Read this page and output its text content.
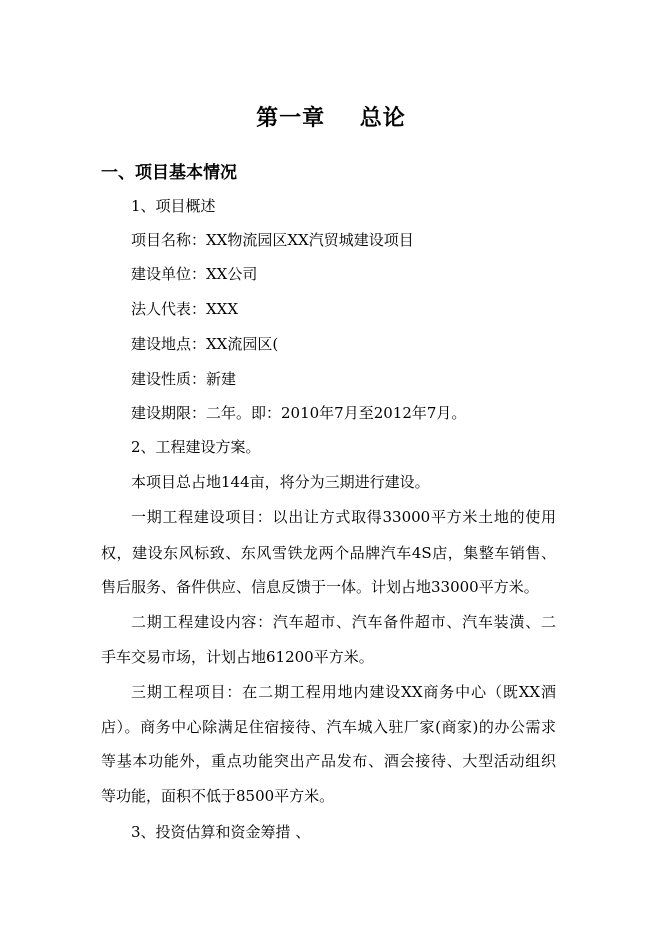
第一章    总论
一、项目基本情况
1、项目概述
项目名称：XX物流园区XX汽贸城建设项目
建设单位：XX公司
法人代表：XXX
建设地点：XX流园区(
建设性质：新建
建设期限：二年。即：2010年7月至2012年7月。
2、工程建设方案。
本项目总占地144亩，将分为三期进行建设。
一期工程建设项目：以出让方式取得33000平方米土地的使用
权，建设东风标致、东风雪铁龙两个品牌汽车4S店，集整车销售、
售后服务、备件供应、信息反馈于一体。计划占地33000平方米。
二期工程建设内容：汽车超市、汽车备件超市、汽车装潢、二
手车交易市场，计划占地61200平方米。
三期工程项目：在二期工程用地内建设XX商务中心（既XX酒
店）。商务中心除满足住宿接待、汽车城入驻厂家(商家)的办公需求
等基本功能外，重点功能突出产品发布、酒会接待、大型活动组织
等功能，面积不低于8500平方米。
3、投资估算和资金筹措 、
